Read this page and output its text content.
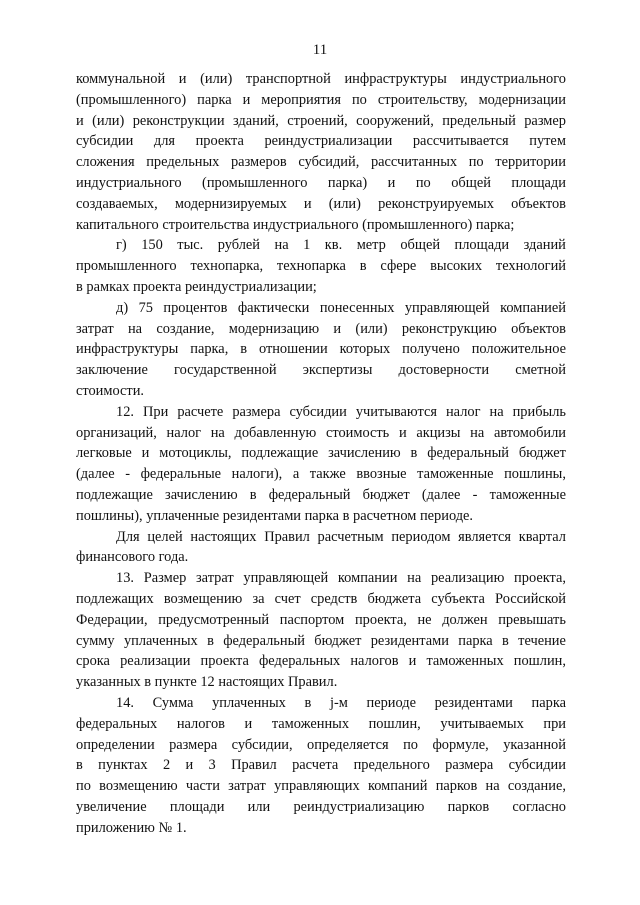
11
коммунальной и (или) транспортной инфраструктуры индустриального
(промышленного) парка и мероприятия по строительству, модернизации
и (или) реконструкции зданий, строений, сооружений, предельный размер
субсидии для проекта реиндустриализации рассчитывается путем
сложения предельных размеров субсидий, рассчитанных по территории
индустриального (промышленного парка) и по общей площади
создаваемых, модернизируемых и (или) реконструируемых объектов
капитального строительства индустриального (промышленного) парка;
г) 150 тыс. рублей на 1 кв. метр общей площади зданий
промышленного технопарка, технопарка в сфере высоких технологий
в рамках проекта реиндустриализации;
д) 75 процентов фактически понесенных управляющей компанией
затрат на создание, модернизацию и (или) реконструкцию объектов
инфраструктуры парка, в отношении которых получено положительное
заключение государственной экспертизы достоверности сметной
стоимости.
12. При расчете размера субсидии учитываются налог на прибыль
организаций, налог на добавленную стоимость и акцизы на автомобили
легковые и мотоциклы, подлежащие зачислению в федеральный бюджет
(далее - федеральные налоги), а также ввозные таможенные пошлины,
подлежащие зачислению в федеральный бюджет (далее - таможенные
пошлины), уплаченные резидентами парка в расчетном периоде.
Для целей настоящих Правил расчетным периодом является квартал
финансового года.
13. Размер затрат управляющей компании на реализацию проекта,
подлежащих возмещению за счет средств бюджета субъекта Российской
Федерации, предусмотренный паспортом проекта, не должен превышать
сумму уплаченных в федеральный бюджет резидентами парка в течение
срока реализации проекта федеральных налогов и таможенных пошлин,
указанных в пункте 12 настоящих Правил.
14. Сумма уплаченных в j-м периоде резидентами парка
федеральных налогов и таможенных пошлин, учитываемых при
определении размера субсидии, определяется по формуле, указанной
в пунктах 2 и 3 Правил расчета предельного размера субсидии
по возмещению части затрат управляющих компаний парков на создание,
увеличение площади или реиндустриализацию парков согласно
приложению № 1.
